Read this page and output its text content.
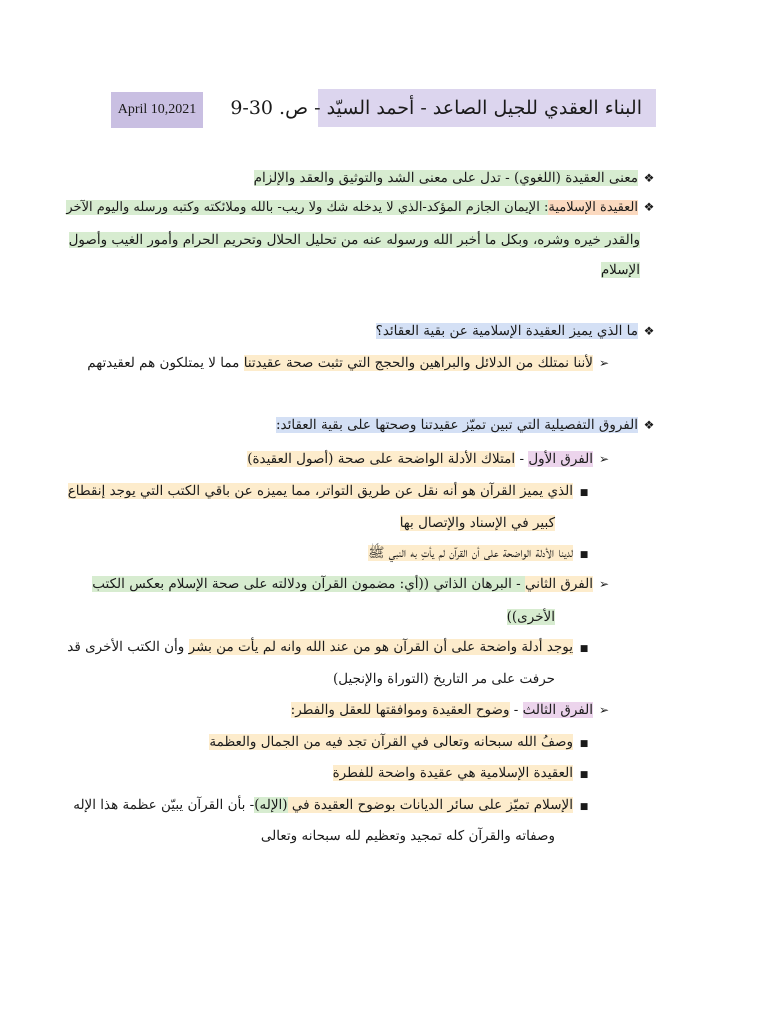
April 10,2021	البناء العقدي للجيل الصاعد - أحمد السيّد - ص. 30-9
❖معنى العقيدة (اللغوي) - تدل على معنى الشد والتوثيق والعقد والإلزام
❖العقيدة الإسلامية: الإيمان الجازم المؤكد-الذي لا يدخله شك ولا ريب- بالله وملائكته وكتبه ورسله واليوم الآخر
والقدر خيره وشره، وبكل ما أخبر الله ورسوله عنه من تحليل الحلال وتحريم الحرام وأمور الغيب وأصول
الإسلام
❖ما الذي يميز العقيدة الإسلامية عن بقية العقائد؟
➢لأننا نمتلك من الدلائل والبراهين والحجج التي تثبت صحة عقيدتنا مما لا يمتلكون هم لعقيدتهم
❖الفروق التفصيلية التي تبين تميّز عقيدتنا وصحتها على بقية العقائد:
➢الفرق الأول - امتلاك الأدلة الواضحة على صحة (أصول العقيدة)
■الذي يميز القرآن هو أنه نقل عن طريق التواتر، مما يميزه عن باقي الكتب التي يوجد إنقطاع
كبير في الإسناد والإتصال بها
■لدينا الأدلة الواضحة على أن القرآن لم يأتِ به النبي ﷺ
➢الفرق الثاني - البرهان الذاتي ((أي: مضمون القرآن ودلالته على صحة الإسلام بعكس الكتب
الأخرى))
■يوجد أدلة واضحة على أن القرآن هو من عند الله وانه لم يأت من بشر وأن الكتب الأخرى قد
حرفت على مر التاريخ (التوراة والإنجيل)
➢الفرق الثالث - وضوح العقيدة وموافقتها للعقل والفطر:
■وصفُ الله سبحانه وتعالى في القرآن تجد فيه من الجمال والعظمة
■العقيدة الإسلامية هي عقيدة واضحة للفطرة
■الإسلام تميّز على سائر الديانات بوضوح العقيدة في (الإله)- بأن القرآن يبيّن عظمة هذا الإله
وصفاته والقرآن كله تمجيد وتعظيم لله سبحانه وتعالى
